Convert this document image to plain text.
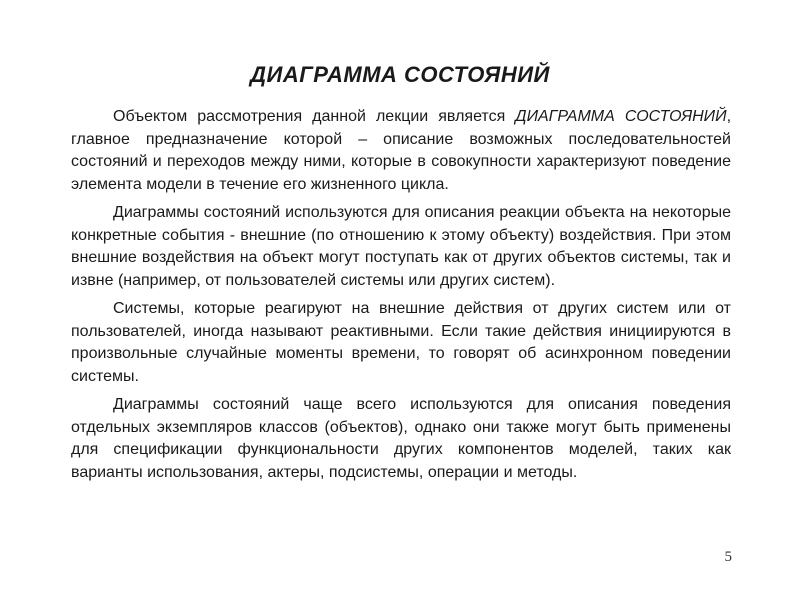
ДИАГРАММА СОСТОЯНИЙ

Объектом рассмотрения данной лекции является ДИАГРАММА СОСТОЯНИЙ, главное предназначение которой – описание возможных последовательностей состояний и переходов между ними, которые в совокупности характеризуют поведение элемента модели в течение его жизненного цикла.

Диаграммы состояний используются для описания реакции объекта на некоторые конкретные события - внешние (по отношению к этому объекту) воздействия. При этом внешние воздействия на объект могут поступать как от других объектов системы, так и извне (например, от пользователей системы или других систем).

Системы, которые реагируют на внешние действия от других систем или от пользователей, иногда называют реактивными. Если такие действия инициируются в произвольные случайные моменты времени, то говорят об асинхронном поведении системы.

Диаграммы состояний чаще всего используются для описания поведения отдельных экземпляров классов (объектов), однако они также могут быть применены для спецификации функциональности других компонентов моделей, таких как варианты использования, актеры, подсистемы, операции и методы.

5
